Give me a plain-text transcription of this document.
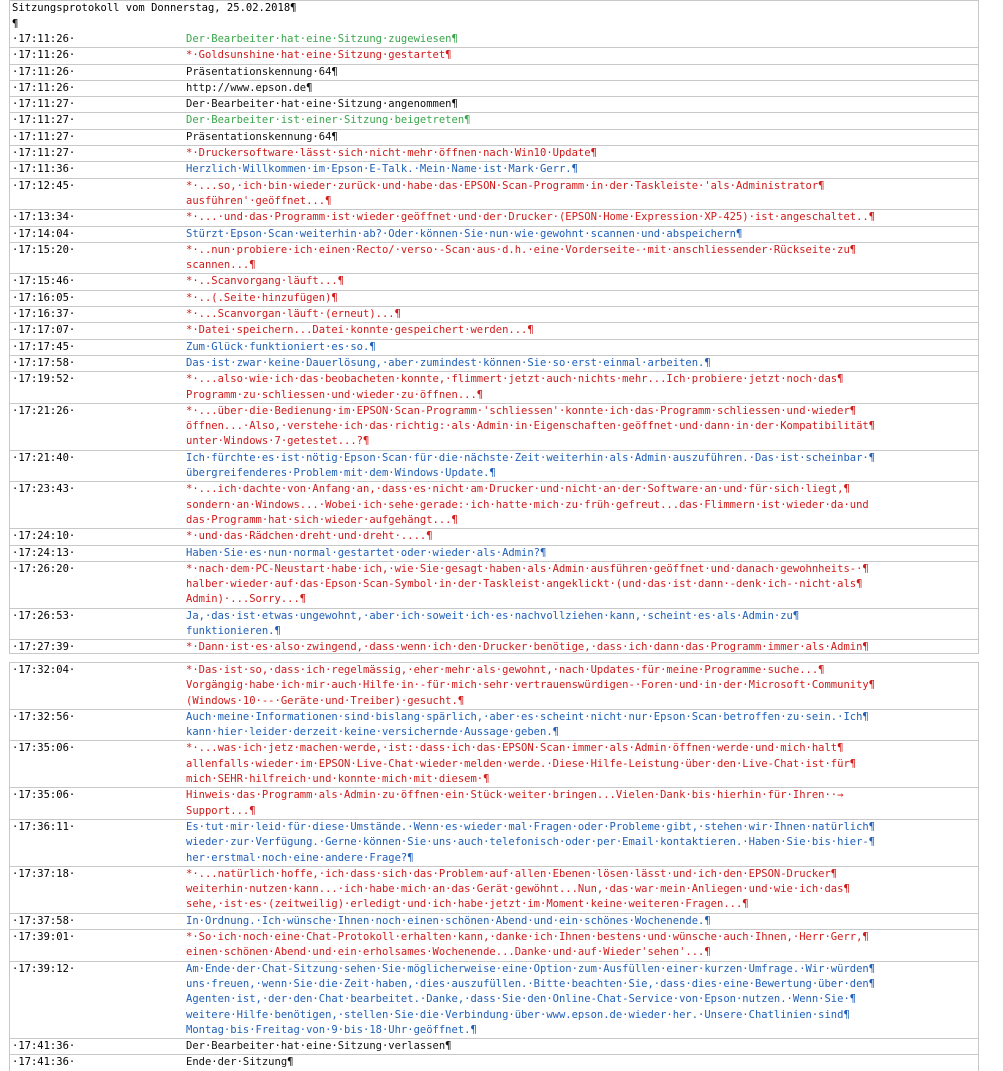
Sitzungsprotokoll vom Donnerstag, 25.02.2018¶
¶
·17:11:26·		Der·Bearbeiter·hat·eine·Sitzung·zugewiesen¶
·17:11:26·		*·Goldsunshine·hat·eine·Sitzung·gestartet¶
·17:11:26·		Präsentationskennung·64¶
·17:11:26·		http://www.epson.de¶
·17:11:27·		Der·Bearbeiter·hat·eine·Sitzung·angenommen¶
·17:11:27·		Der·Bearbeiter·ist·einer·Sitzung·beigetreten¶
·17:11:27·		Präsentationskennung·64¶
·17:11:27·		*·Druckersoftware·lässt·sich·nicht·mehr·öffnen·nach·Win10·Update¶
·17:11:36·		Herzlich·Willkommen·im·Epson·E-Talk.·Mein·Name·ist·Mark·Gerr.¶
·17:12:45·		*·...so,·ich·bin·wieder·zurück·und·habe·das·EPSON·Scan-Programm·in·der·Taskleiste·'als·Administrator¶
ausführen'·geöffnet...¶
·17:13:34·		*·...·und·das·Programm·ist·wieder·geöffnet·und·der·Drucker·(EPSON·Home·Expression·XP-425)·ist·angeschaltet..¶
·17:14:04·		Stürzt·Epson·Scan·weiterhin·ab?·Oder·können·Sie·nun·wie·gewohnt·scannen·und·abspeichern¶
·17:15:20·		*·..nun·probiere·ich·einen·Recto/·verso·-Scan·aus·d.h.·eine·Vorderseite-·mit·anschliessender·Rückseite·zu¶
scannen...¶
·17:15:46·		*·..Scanvorgang·läuft...¶
·17:16:05·		*·..(.Seite·hinzufügen)¶
·17:16:37·		*·...Scanvorgan·läuft·(erneut)...¶
·17:17:07·		*·Datei·speichern...Datei·konnte·gespeichert·werden...¶
·17:17:45·		Zum·Glück·funktioniert·es·so.¶
·17:17:58·		Das·ist·zwar·keine·Dauerlösung,·aber·zumindest·können·Sie·so·erst·einmal·arbeiten.¶
·17:19:52·		*·...also·wie·ich·das·beobacheten·konnte,·flimmert·jetzt·auch·nichts·mehr...Ich·probiere·jetzt·noch·das¶
Programm·zu·schliessen·und·wieder·zu·öffnen...¶
·17:21:26·		*·...über·die·Bedienung·im·EPSON·Scan-Programm·'schliessen'·konnte·ich·das·Programm·schliessen·und·wieder¶
öffnen...·Also,·verstehe·ich·das·richtig:·als·Admin·in·Eigenschaften·geöffnet·und·dann·in·der·Kompatibilität¶
unter·Windows·7·getestet...?¶
·17:21:40·		Ich·fürchte·es·ist·nötig·Epson·Scan·für·die·nächste·Zeit·weiterhin·als·Admin·auszuführen.·Das·ist·scheinbar·¶
übergreifenderes·Problem·mit·dem·Windows·Update.¶
·17:23:43·		*·...ich·dachte·von·Anfang·an,·dass·es·nicht·am·Drucker·und·nicht·an·der·Software·an·und·für·sich·liegt,¶
sondern·an·Windows...·Wobei·ich·sehe·gerade:·ich·hatte·mich·zu·früh·gefreut...das·Flimmern·ist·wieder·da·und
das·Programm·hat·sich·wieder·aufgehängt...¶
·17:24:10·		*·und·das·Rädchen·dreht·und·dreht·....¶
·17:24:13·		Haben·Sie·es·nun·normal·gestartet·oder·wieder·als·Admin?¶
·17:26:20·		*·nach·dem·PC-Neustart·habe·ich,·wie·Sie·gesagt·haben·als·Admin·ausführen·geöffnet·und·danach·gewohnheits-·¶
halber·wieder·auf·das·Epson·Scan-Symbol·in·der·Taskleist·angeklickt·(und·das·ist·dann·-denk·ich-·nicht·als¶
Admin)·...Sorry...¶
·17:26:53·		Ja,·das·ist·etwas·ungewohnt,·aber·ich·soweit·ich·es·nachvollziehen·kann,·scheint·es·als·Admin·zu¶
funktionieren.¶
·17:27:39·		*·Dann·ist·es·also·zwingend,·dass·wenn·ich·den·Drucker·benötige,·dass·ich·dann·das·Programm·immer·als·Admin¶

·17:32:04·		*·Das·ist·so,·dass·ich·regelmässig,·eher·mehr·als·gewohnt,·nach·Updates·für·meine·Programme·suche...¶
Vorgängig·habe·ich·mir·auch·Hilfe·in·-für·mich·sehr·vertrauenswürdigen-·Foren·und·in·der·Microsoft·Community¶
(Windows·10·--·Geräte·und·Treiber)·gesucht.¶
·17:32:56·		Auch·meine·Informationen·sind·bislang·spärlich,·aber·es·scheint·nicht·nur·Epson·Scan·betroffen·zu·sein.·Ich¶
kann·hier·leider·derzeit·keine·versichernde·Aussage·geben.¶
·17:35:06·		*·...was·ich·jetz·machen·werde,·ist:·dass·ich·das·EPSON·Scan·immer·als·Admin·öffnen·werde·und·mich·halt¶
allenfalls·wieder·im·EPSON·Live-Chat·wieder·melden·werde.·Diese·Hilfe-Leistung·über·den·Live-Chat·ist·für¶
mich·SEHR·hilfreich·und·konnte·mich·mit·diesem·¶
·17:35:06·		Hinweis·das·Programm·als·Admin·zu·öffnen·ein·Stück·weiter·bringen...Vielen·Dank·bis·hierhin·für·Ihren··→
Support...¶
·17:36:11·		Es·tut·mir·leid·für·diese·Umstände.·Wenn·es·wieder·mal·Fragen·oder·Probleme·gibt,·stehen·wir·Ihnen·natürlich¶
wieder·zur·Verfügung.·Gerne·können·Sie·uns·auch·telefonisch·oder·per·Email·kontaktieren.·Haben·Sie·bis·hier-¶
her·erstmal·noch·eine·andere·Frage?¶
·17:37:18·		*·...natürlich·hoffe,·ich·dass·sich·das·Problem·auf·allen·Ebenen·lösen·lässt·und·ich·den·EPSON-Drucker¶
weiterhin·nutzen·kann...·ich·habe·mich·an·das·Gerät·gewöhnt...Nun,·das·war·mein·Anliegen·und·wie·ich·das¶
sehe,·ist·es·(zeitweilig)·erledigt·und·ich·habe·jetzt·im·Moment·keine·weiteren·Fragen...¶
·17:37:58·		In·Ordnung.·Ich·wünsche·Ihnen·noch·einen·schönen·Abend·und·ein·schönes·Wochenende.¶
·17:39:01·		*·So·ich·noch·eine·Chat-Protokoll·erhalten·kann,·danke·ich·Ihnen·bestens·und·wünsche·auch·Ihnen,·Herr·Gerr,¶
einen·schönen·Abend·und·ein·erholsames·Wochenende...Danke·und·auf·Wieder'sehen'...¶
·17:39:12·		Am·Ende·der·Chat-Sitzung·sehen·Sie·möglicherweise·eine·Option·zum·Ausfüllen·einer·kurzen·Umfrage.·Wir·würden¶
uns·freuen,·wenn·Sie·die·Zeit·haben,·dies·auszufüllen.·Bitte·beachten·Sie,·dass·dies·eine·Bewertung·über·den¶
Agenten·ist,·der·den·Chat·bearbeitet.·Danke,·dass·Sie·den·Online-Chat-Service·von·Epson·nutzen.·Wenn·Sie·¶
weitere·Hilfe·benötigen,·stellen·Sie·die·Verbindung·über·www.epson.de·wieder·her.·Unsere·Chatlinien·sind¶
Montag·bis·Freitag·von·9·bis·18·Uhr·geöffnet.¶
·17:41:36·		Der·Bearbeiter·hat·eine·Sitzung·verlassen¶
·17:41:36·		Ende·der·Sitzung¶
